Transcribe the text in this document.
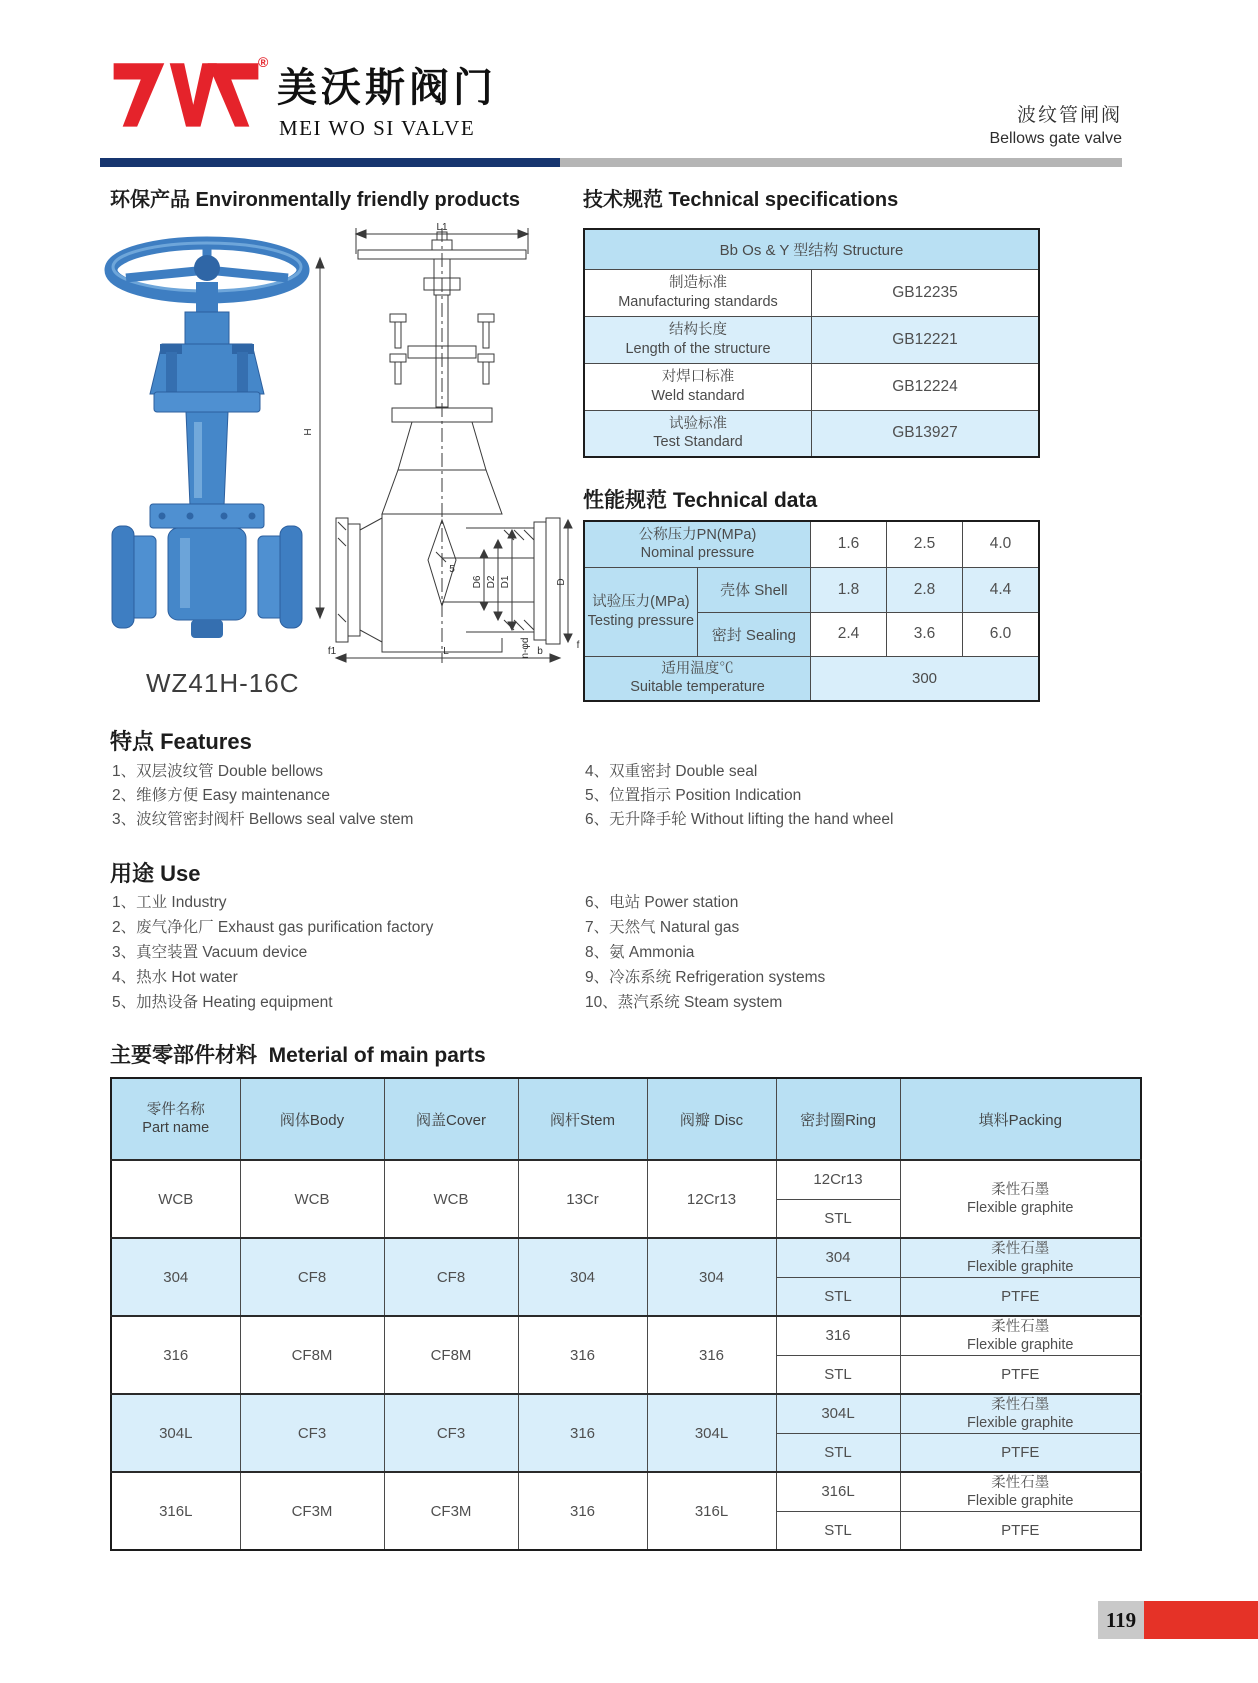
®
美沃斯阀门
MEI WO SI VALVE
波纹管闸阀
Bellows gate valve
环保产品 Environmentally friendly products	技术规范 Technical specifications
L1
H
D6 D2 D1	D
f1	L	b
f
n-φd
5
WZ41H-16C
Bb Os & Y 型结构 Structure	

制造标准
Manufacturing standards	GB12235

结构长度
Length of the structure	GB12221

对焊口标准
Weld standard	GB12224

试验标准
Test Standard	GB13927
性能规范 Technical data
公称压力PN(MPa)
Nominal pressure		1.6	2.5	4.0

试验压力(MPa)
Testing pressure	壳体 Shell	1.8	2.8	4.4
	密封 Sealing	2.4	3.6	6.0

适用温度℃
Suitable temperature		300		
特点 Features
1、双层波纹管 Double bellows
2、维修方便 Easy maintenance
3、波纹管密封阀杆 Bellows seal valve stem
4、双重密封 Double seal
5、位置指示 Position Indication
6、无升降手轮 Without lifting the hand wheel
用途 Use
1、工业 Industry
2、废气净化厂 Exhaust gas purification factory
3、真空装置 Vacuum device
4、热水 Hot water
5、加热设备 Heating equipment
6、电站 Power station
7、天然气 Natural gas
8、氨 Ammonia
9、冷冻系统 Refrigeration systems
10、蒸汽系统 Steam system
主要零部件材料  Meterial of main parts
零件名称
Part name	阀体Body	阀盖Cover	阀杆Stem	阀瓣 Disc	密封圈Ring	填料Packing
WCB	WCB	WCB	13Cr	12Cr13	12Cr13	柔性石墨
Flexible graphite

					STL	
304	CF8	CF8	304	304	304	柔性石墨
Flexible graphite

					STL	PTFE
316	CF8M	CF8M	316	316	316	柔性石墨
Flexible graphite

					STL	PTFE
304L	CF3	CF3	316	304L	304L	柔性石墨
Flexible graphite

					STL	PTFE
316L	CF3M	CF3M	316	316L	316L	柔性石墨
Flexible graphite

					STL	PTFE
119
